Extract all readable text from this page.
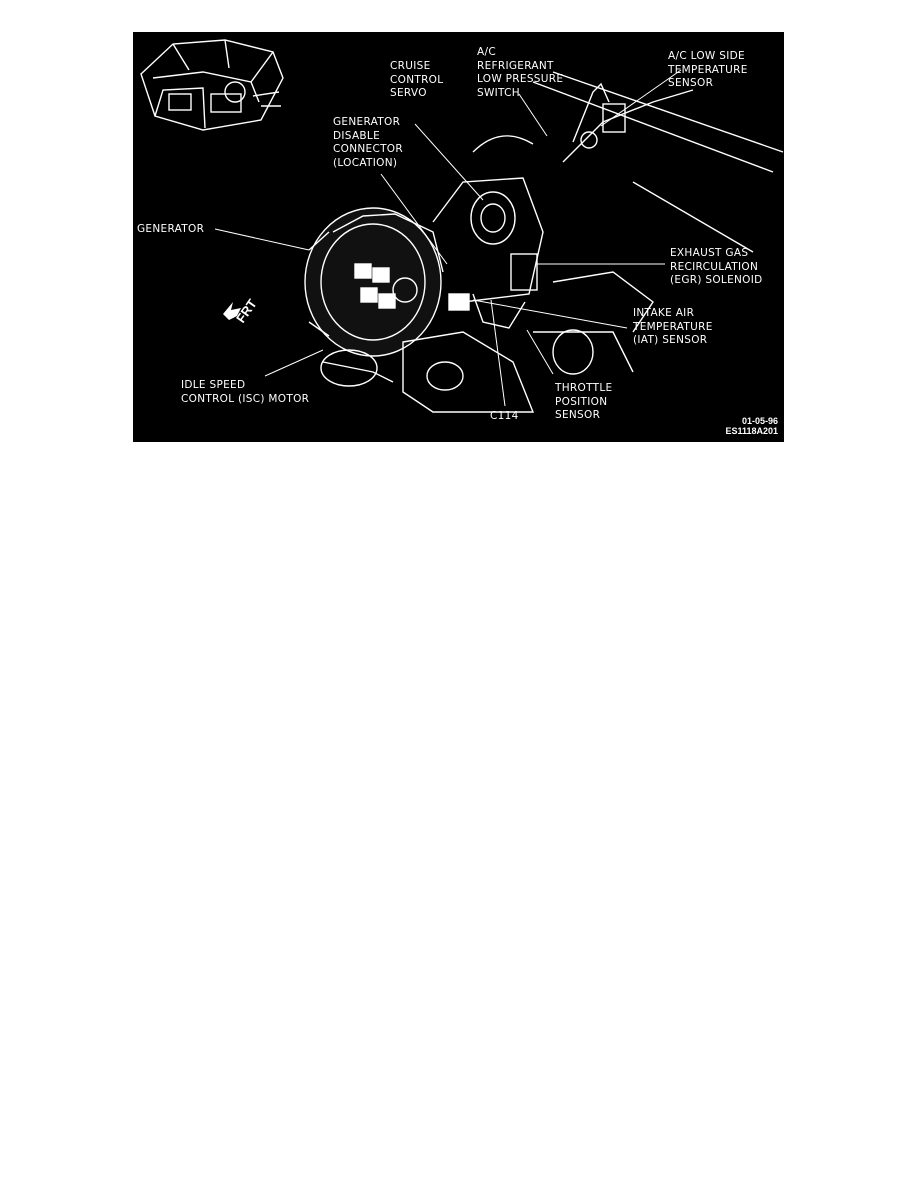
CRUISE
CONTROL
SERVO
A/C
REFRIGERANT
LOW PRESSURE
SWITCH
A/C LOW SIDE
TEMPERATURE
SENSOR
GENERATOR
DISABLE
CONNECTOR
(LOCATION)
GENERATOR
EXHAUST GAS
RECIRCULATION
(EGR) SOLENOID
INTAKE AIR
TEMPERATURE
(IAT) SENSOR
IDLE SPEED
CONTROL (ISC) MOTOR
THROTTLE
POSITION
SENSOR
C114
FRT
01-05-96
ES1118A201
